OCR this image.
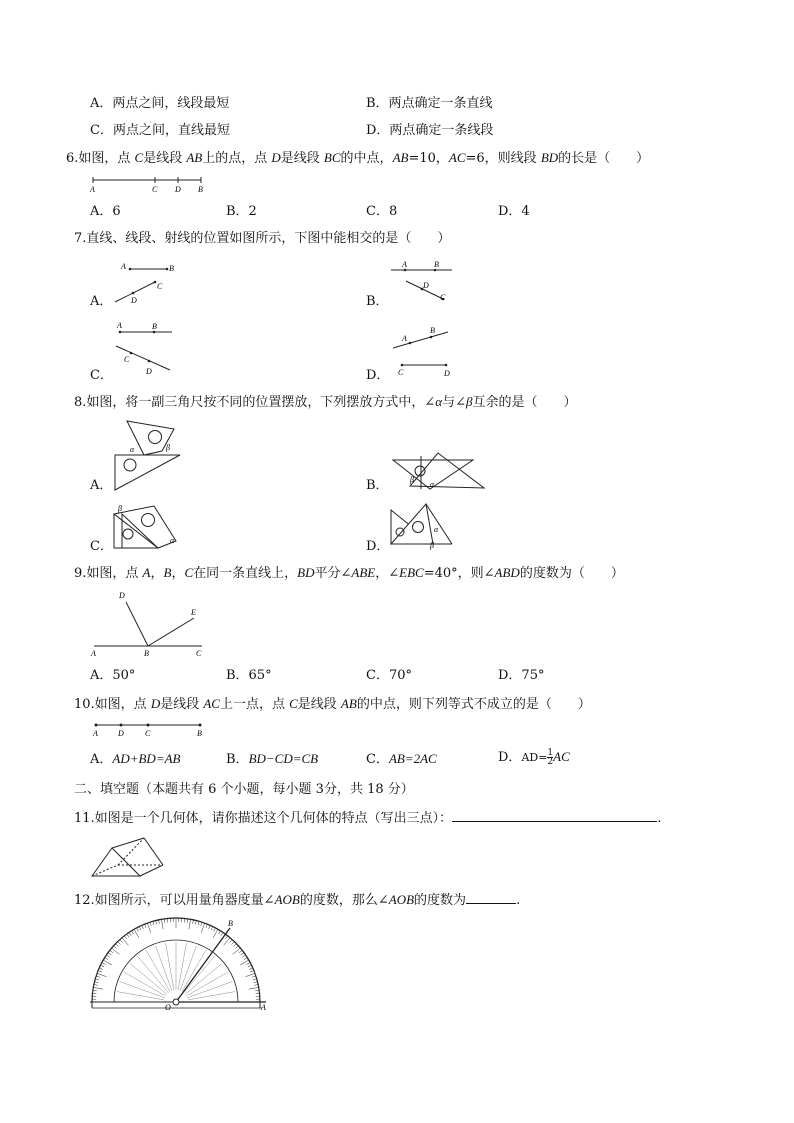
A．两点之间，线段最短	B．两点确定一条直线
C．两点之间，直线最短	D．两点确定一条线段
6.如图，点 C是线段 AB上的点，点 D是线段 BC的中点，AB=10，AC=6，则线段 BD的长是（　　）
A	C D B
A．6	B．2	C．8	D．4
7.直线、线段、射线的位置如图所示，下图中能相交的是（　　）
A．
A	B
D
C
B．
A	B
D
C
C．
A	B
C
D	D．
A
B
C	D
8.如图，将一副三角尺按不同的位置摆放，下列摆放方式中，∠α与∠β互余的是（　　）
A．
α	β
B．	β
α
C．
β
α	D．
α
β
9.如图，点 A，B，C在同一条直线上，BD平分∠ABE，∠EBC=40°，则∠ABD的度数为（　　）
D
E
A	B	C
A．50°	B．65°	C．70°	D．75°
10.如图，点 D是线段 AC上一点，点 C是线段 AB的中点，则下列等式不成立的是（　　）
A	D	C	B
A．AD+BD=AB	B．BD−CD=CB	C．AB=2AC	D．$AD= \frac{1}{2}$ AC
二、填空题（本题共有 6 个小题，每小题 3分，共 18 分）
11.如图是一个几何体，请你描述这个几何体的特点（写出三点）：	.
12.如图所示，可以用量角器度量∠AOB的度数，那么∠AOB的度数为	.
B
O	A
